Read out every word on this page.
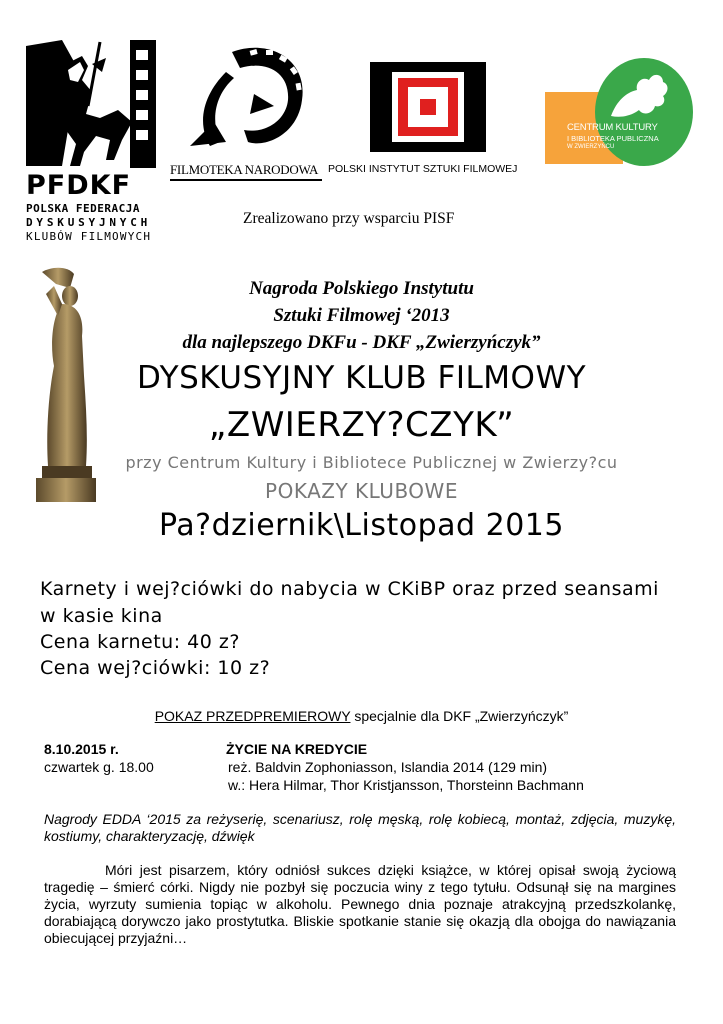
PFDKF
POLSKA FEDERACJA
DYSKUSYJNYCH
KLUBÓW FILMOWYCH
FILMOTEKA NARODOWA POLSKI INSTYTUT SZTUKI FILMOWEJ
CENTRUM KULTURY
I BIBLIOTEKA PUBLICZNA
W ZWIERZYŃCU
Zrealizowano przy wsparciu PISF
Nagroda Polskiego Instytutu
Sztuki Filmowej ‘2013
dla najlepszego DKFu - DKF „Zwierzyńczyk”
DYSKUSYJNY KLUB FILMOWY
„ZWIERZY?CZYK”
przy Centrum Kultury i Bibliotece Publicznej w Zwierzy?cu
POKAZY KLUBOWE
Pa?dziernik\Listopad 2015
Karnety i wej?ciówki do nabycia w CKiBP oraz przed seansami
w kasie kina
Cena karnetu: 40 z?
Cena wej?ciówki: 10 z?
POKAZ PRZEDPREMIEROWY specjalnie dla DKF „Zwierzyńczyk”
8.10.2015 r.
czwartek g. 18.00
ŻYCIE NA KREDYCIE
reż. Baldvin Zophoniasson, Islandia 2014 (129 min)
w.: Hera Hilmar, Thor Kristjansson, Thorsteinn Bachmann
Nagrody EDDA ‘2015 za reżyserię, scenariusz, rolę męską, rolę kobiecą, montaż, zdjęcia, muzykę, kostiumy, charakteryzację, dźwięk
Móri jest pisarzem, który odniósł sukces dzięki książce, w której opisał swoją życiową tragedię – śmierć córki. Nigdy nie pozbył się poczucia winy z tego tytułu. Odsunął się na margines życia, wyrzuty sumienia topiąc w alkoholu. Pewnego dnia poznaje atrakcyjną przedszkolankę, dorabiającą dorywczo jako prostytutka. Bliskie spotkanie stanie się okazją dla obojga do nawiązania obiecującej przyjaźni…
